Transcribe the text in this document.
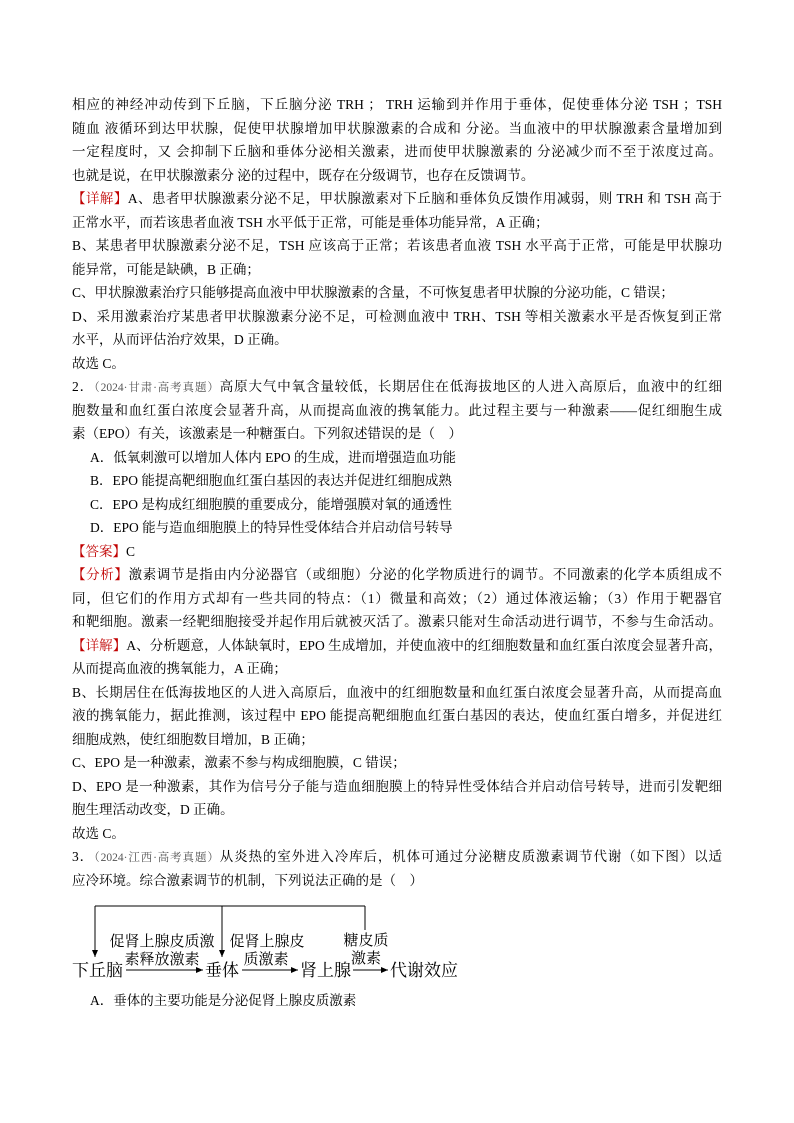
相应的神经冲动传到下丘脑，下丘脑分泌 TRH ； TRH 运输到并作用于垂体，促使垂体分泌 TSH ；TSH
随血 液循环到达甲状腺，促使甲状腺增加甲状腺激素的合成和 分泌。当血液中的甲状腺激素含量增加到
一定程度时，又 会抑制下丘脑和垂体分泌相关激素，进而使甲状腺激素的 分泌减少而不至于浓度过高。
也就是说，在甲状腺激素分 泌的过程中，既存在分级调节，也存在反馈调节。
【详解】A、患者甲状腺激素分泌不足，甲状腺激素对下丘脑和垂体负反馈作用减弱，则 TRH 和 TSH 高于
正常水平，而若该患者血液 TSH 水平低于正常，可能是垂体功能异常，A 正确；
B、某患者甲状腺激素分泌不足，TSH 应该高于正常；若该患者血液 TSH 水平高于正常，可能是甲状腺功
能异常，可能是缺碘，B 正确；
C、甲状腺激素治疗只能够提高血液中甲状腺激素的含量，不可恢复患者甲状腺的分泌功能，C 错误；
D、采用激素治疗某患者甲状腺激素分泌不足，可检测血液中 TRH、TSH 等相关激素水平是否恢复到正常
水平，从而评估治疗效果，D 正确。
故选 C。
2．（2024·甘肃·高考真题）高原大气中氧含量较低，长期居住在低海拔地区的人进入高原后，血液中的红细
胞数量和血红蛋白浓度会显著升高，从而提高血液的携氧能力。此过程主要与一种激素——促红细胞生成
素（EPO）有关，该激素是一种糖蛋白。下列叙述错误的是（    ）
A．低氧刺激可以增加人体内 EPO 的生成，进而增强造血功能
B．EPO 能提高靶细胞血红蛋白基因的表达并促进红细胞成熟
C．EPO 是构成红细胞膜的重要成分，能增强膜对氧的通透性
D．EPO 能与造血细胞膜上的特异性受体结合并启动信号转导
【答案】C
【分析】激素调节是指由内分泌器官（或细胞）分泌的化学物质进行的调节。不同激素的化学本质组成不
同，但它们的作用方式却有一些共同的特点：（1）微量和高效；（2）通过体液运输；（3）作用于靶器官
和靶细胞。激素一经靶细胞接受并起作用后就被灭活了。激素只能对生命活动进行调节，不参与生命活动。
【详解】A、分析题意，人体缺氧时，EPO 生成增加，并使血液中的红细胞数量和血红蛋白浓度会显著升高，
从而提高血液的携氧能力，A 正确；
B、长期居住在低海拔地区的人进入高原后，血液中的红细胞数量和血红蛋白浓度会显著升高，从而提高血
液的携氧能力，据此推测，该过程中 EPO 能提高靶细胞血红蛋白基因的表达，使血红蛋白增多，并促进红
细胞成熟，使红细胞数目增加，B 正确；
C、EPO 是一种激素，激素不参与构成细胞膜，C 错误；
D、EPO 是一种激素，其作为信号分子能与造血细胞膜上的特异性受体结合并启动信号转导，进而引发靶细
胞生理活动改变，D 正确。
故选 C。
3．（2024·江西·高考真题）从炎热的室外进入冷库后，机体可通过分泌糖皮质激素调节代谢（如下图）以适
应冷环境。综合激素调节的机制，下列说法正确的是（    ）
促肾上腺皮质激
素释放激素
促肾上腺皮
质激素
糖皮质
激素
下丘脑	垂体	肾上腺 代谢效应
A．垂体的主要功能是分泌促肾上腺皮质激素
